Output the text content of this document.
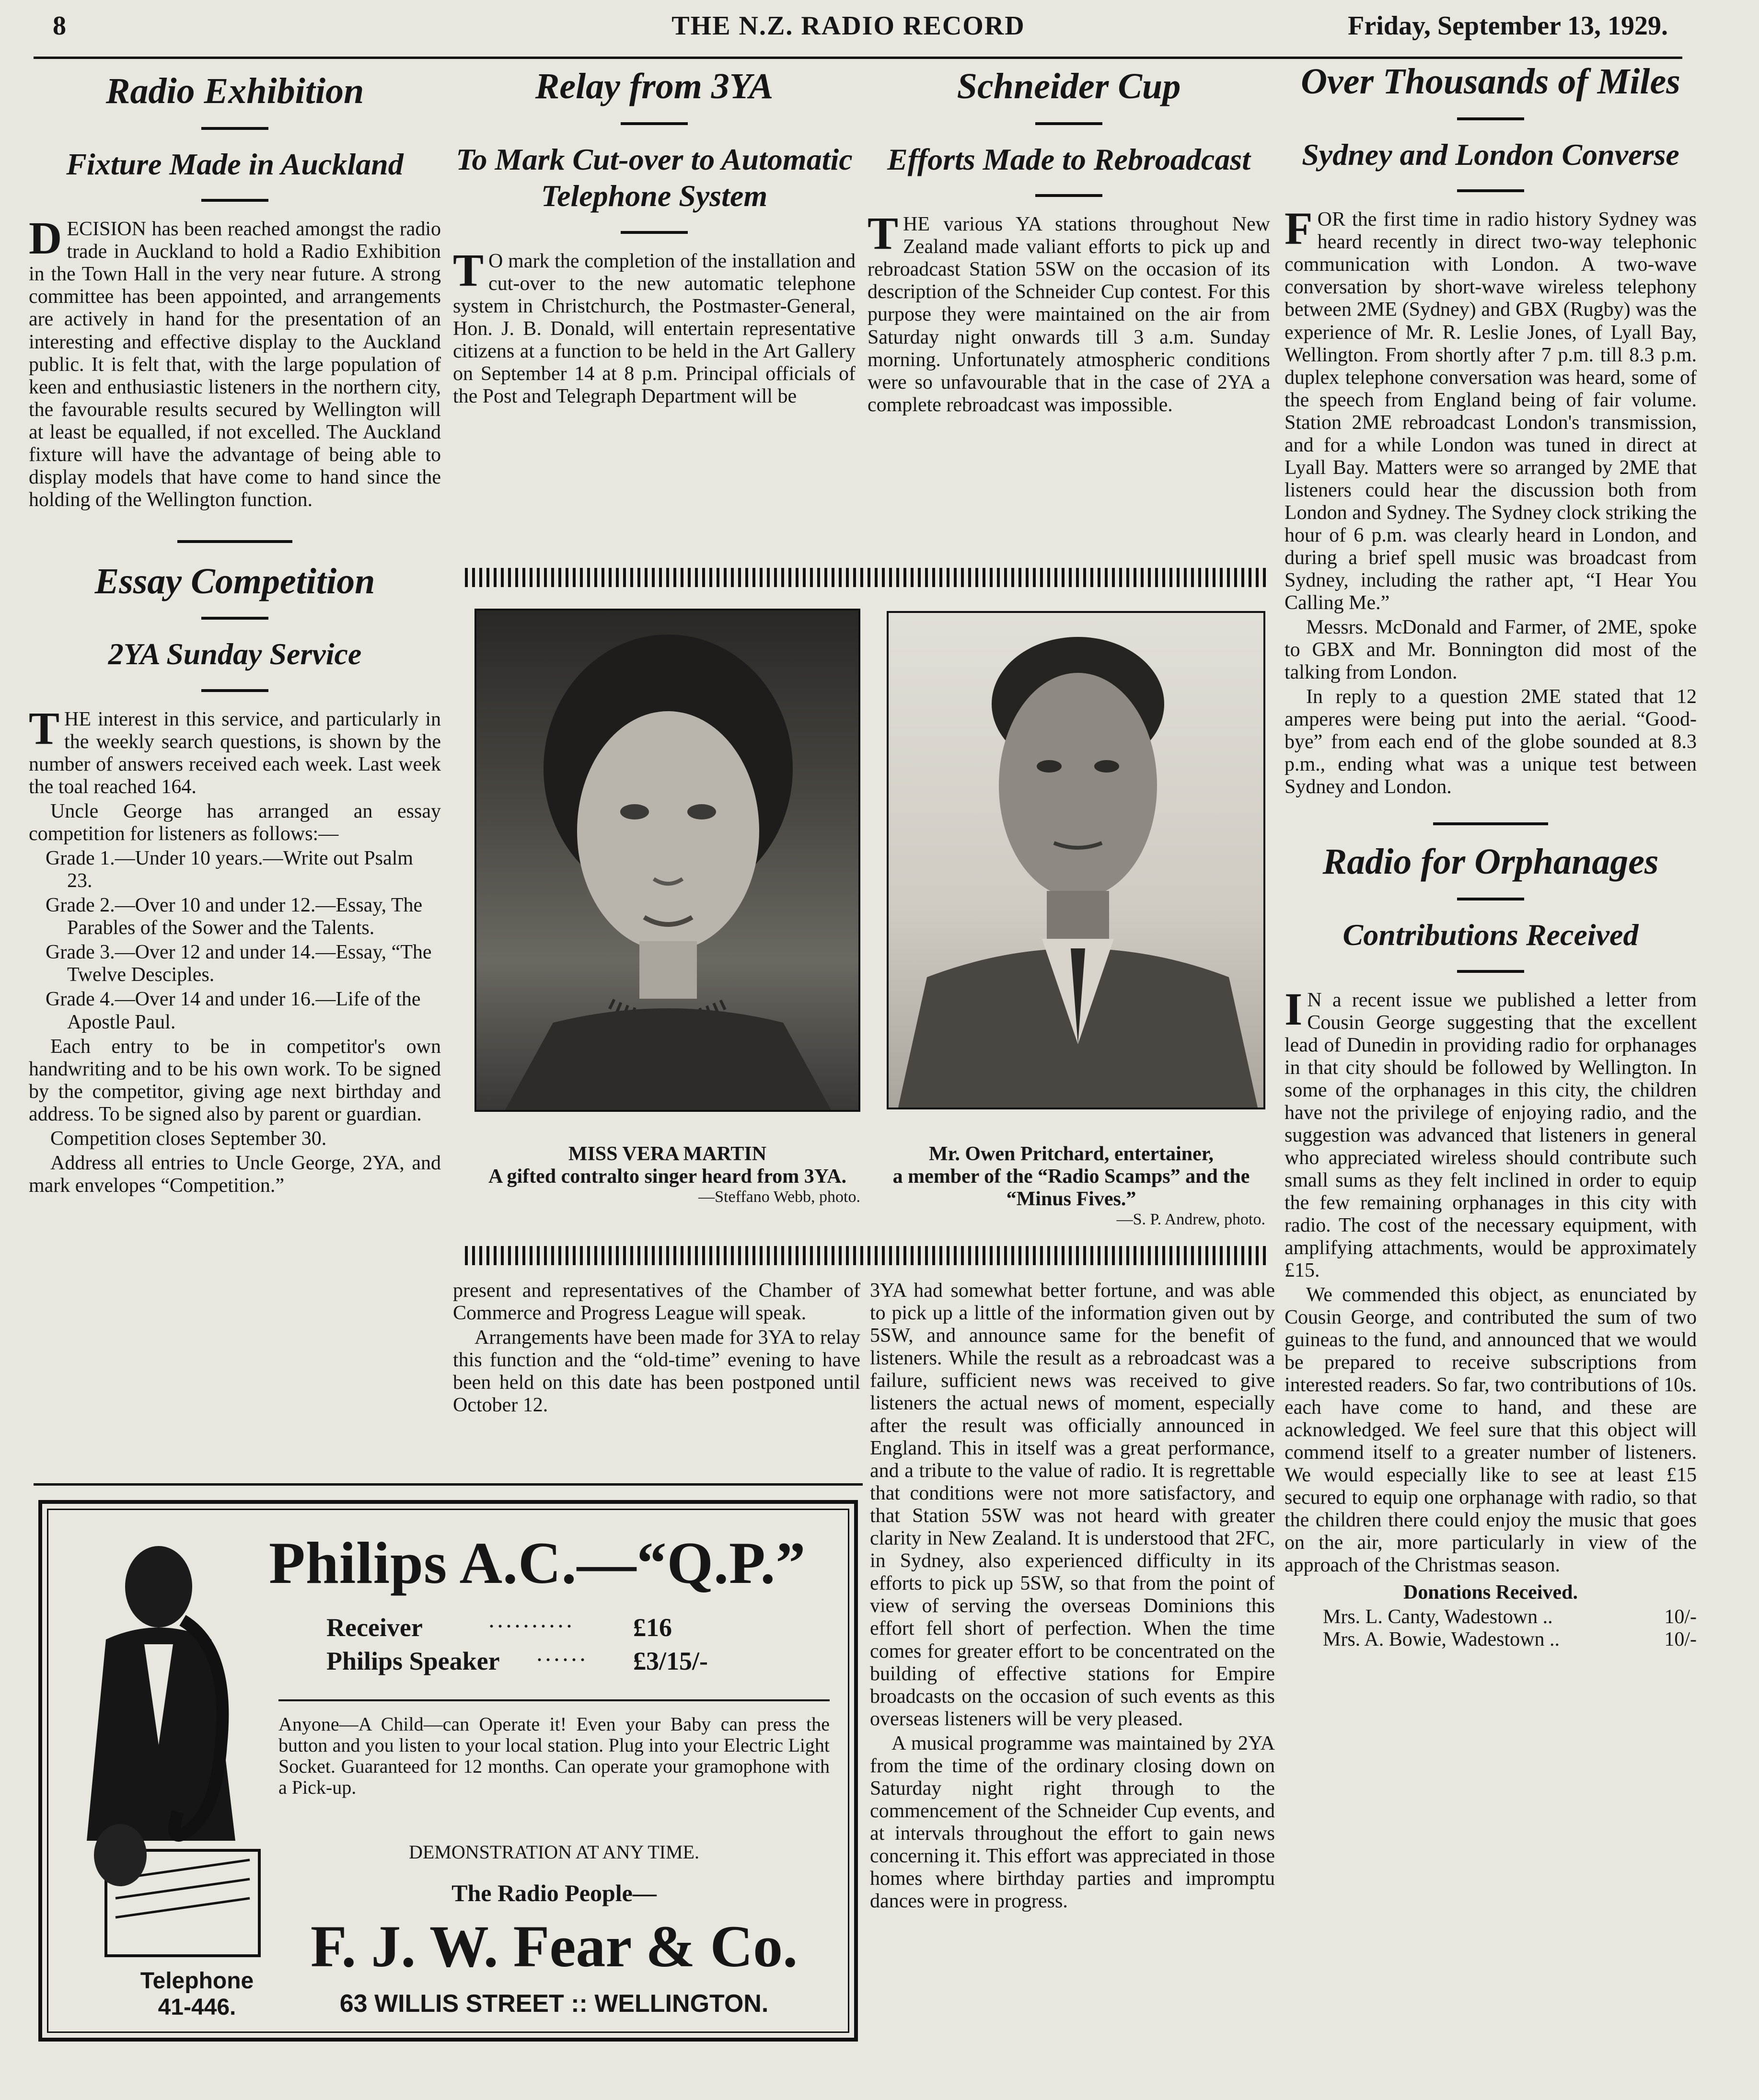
8	THE N.Z. RADIO RECORD	Friday, September 13, 1929.
Radio Exhibition
Fixture Made in Auckland

DECISION has been reached amongst the radio trade in Auckland to hold a Radio Exhibition in the Town Hall in the very near future. A strong committee has been appointed, and arrangements are actively in hand for the presentation of an interesting and effective display to the Auckland public. It is felt that, with the large population of keen and enthusiastic listeners in the northern city, the favourable results secured by Wellington will at least be equalled, if not excelled. The Auckland fixture will have the advantage of being able to display models that have come to hand since the holding of the Wellington function.

Essay Competition
2YA Sunday Service

THE interest in this service, and particularly in the weekly search questions, is shown by the number of answers received each week. Last week the toal reached 164.

Uncle George has arranged an essay competition for listeners as follows:—

Grade 1.—Under 10 years.—Write out Psalm 23.

Grade 2.—Over 10 and under 12.—Essay, The Parables of the Sower and the Talents.

Grade 3.—Over 12 and under 14.—Essay, “The Twelve Desciples.

Grade 4.—Over 14 and under 16.—Life of the Apostle Paul.

Each entry to be in competitor's own handwriting and to be his own work. To be signed by the competitor, giving age next birthday and address. To be signed also by parent or guardian.

Competition closes September 30.

Address all entries to Uncle George, 2YA, and mark envelopes “Competition.”

Relay from 3YA
To Mark Cut-over to Automatic Telephone System

T O mark the completion of the installation and cut-over to the new automatic telephone system in Christchurch, the Postmaster-General, Hon. J. B. Donald, will entertain representative citizens at a function to be held in the Art Gallery on September 14 at 8 p.m. Principal officials of the Post and Telegraph Department will be

Schneider Cup
Efforts Made to Rebroadcast

THE various YA stations throughout New Zealand made valiant efforts to pick up and rebroadcast Station 5SW on the occasion of its description of the Schneider Cup contest. For this purpose they were maintained on the air from Saturday night onwards till 3 a.m. Sunday morning. Unfortunately atmospheric conditions were so unfavourable that in the case of 2YA a complete rebroadcast was impossible.

MISS VERA MARTIN

A gifted contralto singer heard from 3YA.

—Steffano Webb, photo.

Mr. Owen Pritchard, entertainer,

a member of the “Radio Scamps” and the “Minus Fives.”

—S. P. Andrew, photo.

present and representatives of the Chamber of Commerce and Progress League will speak.

Arrangements have been made for 3YA to relay this function and the “old-time” evening to have been held on this date has been postponed until October 12.

3YA had somewhat better fortune, and was able to pick up a little of the information given out by 5SW, and announce same for the benefit of listeners. While the result as a rebroadcast was a failure, sufficient news was received to give listeners the actual news of moment, especially after the result was officially announced in England. This in itself was a great performance, and a tribute to the value of radio. It is regrettable that conditions were not more satisfactory, and that Station 5SW was not heard with greater clarity in New Zealand. It is understood that 2FC, in Sydney, also experienced difficulty in its efforts to pick up 5SW, so that from the point of view of serving the overseas Dominions this effort fell short of perfection. When the time comes for greater effort to be concentrated on the building of effective stations for Empire broadcasts on the occasion of such events as this overseas listeners will be very pleased.

A musical programme was maintained by 2YA from the time of the ordinary closing down on Saturday night right through to the commencement of the Schneider Cup events, and at intervals throughout the effort to gain news concerning it. This effort was appreciated in those homes where birthday parties and impromptu dances were in progress.

Over Thousands of Miles
Sydney and London Converse

FOR the first time in radio history Sydney was heard recently in direct two-way telephonic communication with London. A two-wave conversation by short-wave wireless telephony between 2ME (Sydney) and GBX (Rugby) was the experience of Mr. R. Leslie Jones, of Lyall Bay, Wellington. From shortly after 7 p.m. till 8.3 p.m. duplex telephone conversation was heard, some of the speech from England being of fair volume. Station 2ME rebroadcast London's transmission, and for a while London was tuned in direct at Lyall Bay. Matters were so arranged by 2ME that listeners could hear the discussion both from London and Sydney. The Sydney clock striking the hour of 6 p.m. was clearly heard in London, and during a brief spell music was broadcast from Sydney, including the rather apt, “I Hear You Calling Me.”

Messrs. McDonald and Farmer, of 2ME, spoke to GBX and Mr. Bonnington did most of the talking from London.

In reply to a question 2ME stated that 12 amperes were being put into the aerial. “Good-bye” from each end of the globe sounded at 8.3 p.m., ending what was a unique test between Sydney and London.

Radio for Orphanages
Contributions Received

I N a recent issue we published a letter from Cousin George suggesting that the excellent lead of Dunedin in providing radio for orphanages in that city should be followed by Wellington. In some of the orphanages in this city, the children have not the privilege of enjoying radio, and the suggestion was advanced that listeners in general who appreciated wireless should contribute such small sums as they felt inclined in order to equip the few remaining orphanages in this city with radio. The cost of the necessary equipment, with amplifying attachments, would be approximately £15.

We commended this object, as enunciated by Cousin George, and contributed the sum of two guineas to the fund, and announced that we would be prepared to receive subscriptions from interested readers. So far, two contributions of 10s. each have come to hand, and these are acknowledged. We feel sure that this object will commend itself to a greater number of listeners. We would especially like to see at least £15 secured to equip one orphanage with radio, so that the children there could enjoy the music that goes on the air, more particularly in view of the approach of the Christmas season.

Donations Received.

Mrs. L. Canty, Wadestown ..	10/-
Mrs. A. Bowie, Wadestown ..	10/-
Telephone
41-446.
Philips A.C.—“Q.P.”
Receiver	. . . . . . . . . .	£16
Philips Speaker	. . . . . .	£3/15/-
Anyone—A Child—can Operate it! Even your Baby can press the button and you listen to your local station. Plug into your Electric Light Socket. Guaranteed for 12 months. Can operate your gramophone with a Pick-up.
DEMONSTRATION AT ANY TIME.
The Radio People—
F. J. W. Fear & Co.
63 WILLIS STREET :: WELLINGTON.
